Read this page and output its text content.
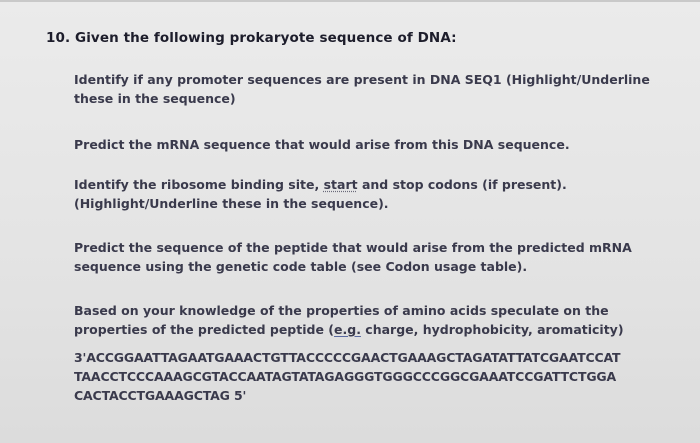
10. Given the following prokaryote sequence of DNA:

Identify if any promoter sequences are present in DNA SEQ1 (Highlight/Underline
these in the sequence)

Predict the mRNA sequence that would arise from this DNA sequence.

Identify the ribosome binding site, start and stop codons (if present).
(Highlight/Underline these in the sequence).

Predict the sequence of the peptide that would arise from the predicted mRNA
sequence using the genetic code table (see Codon usage table).

Based on your knowledge of the properties of amino acids speculate on the
properties of the predicted peptide (e.g. charge, hydrophobicity, aromaticity)

3'ACCGGAATTAGAATGAAACTGTTACCCCCGAACTGAAAGCTAGATATTATCGAATCCAT
TAACCTCCCAAAGCGTACCAATAGTATAGAGGGTGGGCCCGGCGAAATCCGATTCTGGA
CACTACCTGAAAGCTAG 5'
